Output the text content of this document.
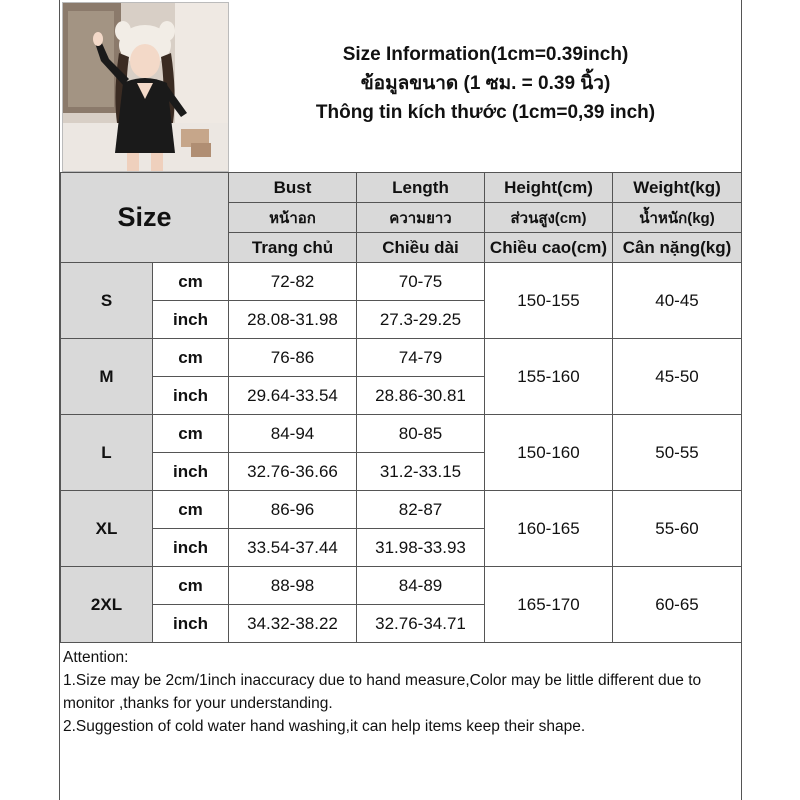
Size Information(1cm=0.39inch)
ข้อมูลขนาด (1 ซม. = 0.39 นิ้ว)
Thông tin kích thước (1cm=0,39 inch)
Size		Bust	Length	Height(cm)	Weight(kg)
		หน้าอก	ความยาว	ส่วนสูง(cm)	น้ำหนัก(kg)
		Trang chủ	Chiều dài	Chiều cao(cm)	Cân nặng(kg)
S	cm	72-82	70-75	150-155	40-45
	inch	28.08-31.98	27.3-29.25		
M	cm	76-86	74-79	155-160	45-50
	inch	29.64-33.54	28.86-30.81		
L	cm	84-94	80-85	150-160	50-55
	inch	32.76-36.66	31.2-33.15		
XL	cm	86-96	82-87	160-165	55-60
	inch	33.54-37.44	31.98-33.93		
2XL	cm	88-98	84-89	165-170	60-65
	inch	34.32-38.22	32.76-34.71		

Attention:

1.Size may be 2cm/1inch inaccuracy due to hand measure,Color may be little different due to monitor ,thanks for your understanding.

2.Suggestion of cold water hand washing,it can help items keep their shape.
